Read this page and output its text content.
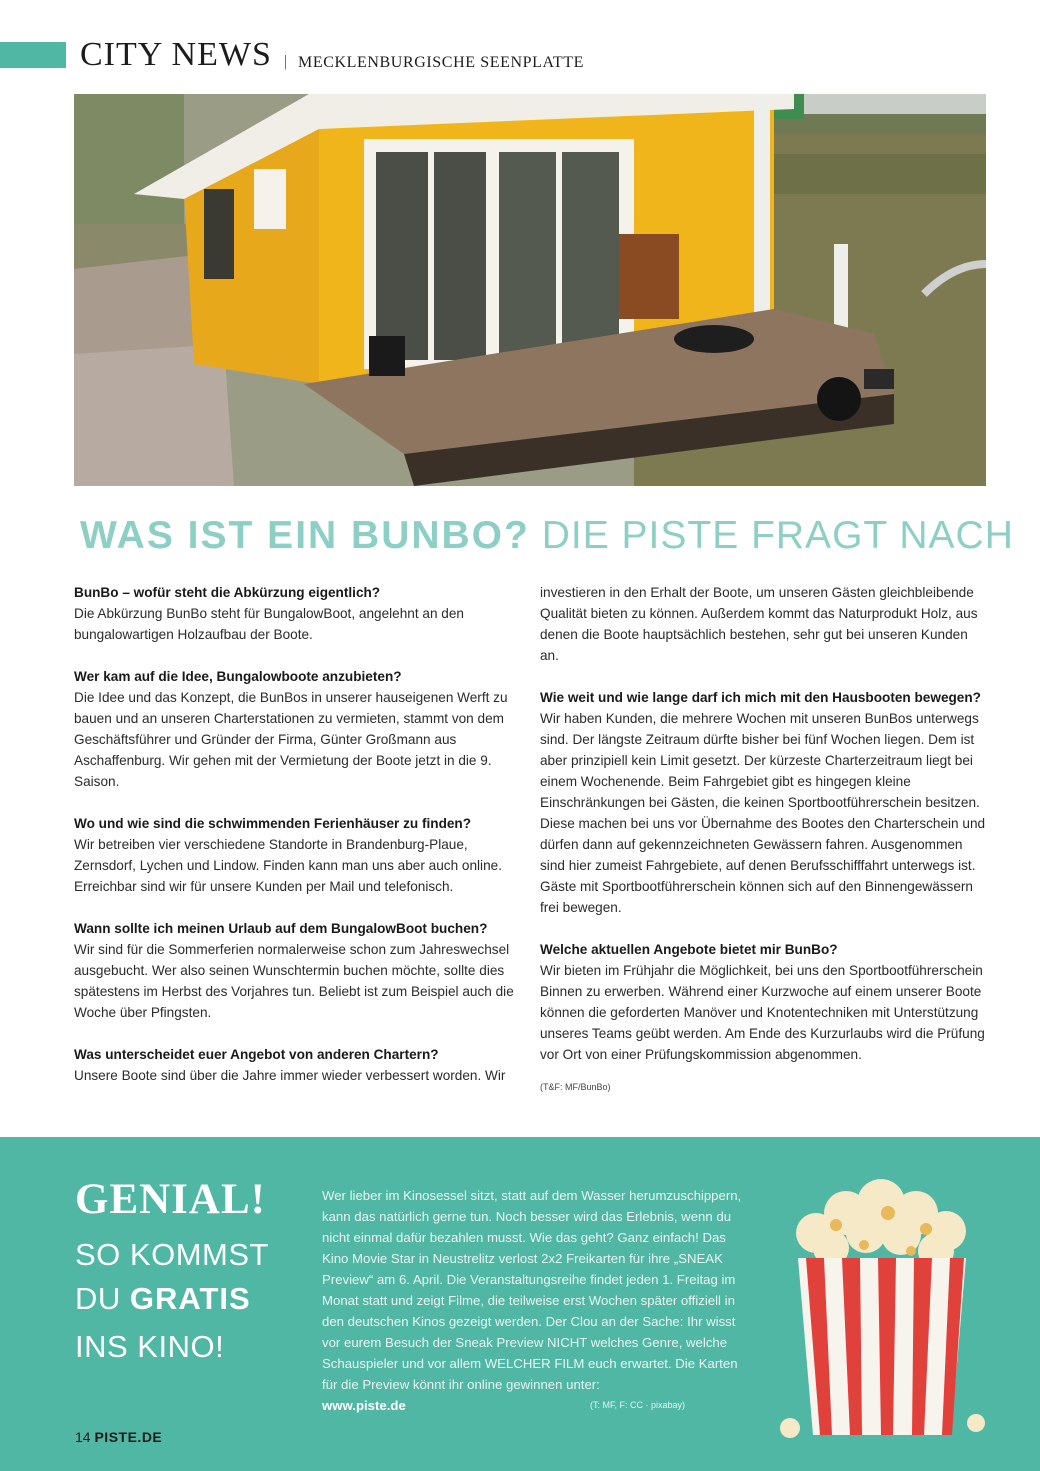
CITY NEWS | MECKLENBURGISCHE SEENPLATTE
WAS IST EIN BUNBO? DIE PISTE FRAGT NACH
BunBo – wofür steht die Abkürzung eigentlich?

Die Abkürzung BunBo steht für BungalowBoot, angelehnt an den bungalowartigen Holzaufbau der Boote.

Wer kam auf die Idee, Bungalowboote anzubieten?

Die Idee und das Konzept, die BunBos in unserer hauseigenen Werft zu bauen und an unseren Charterstationen zu vermieten, stammt von dem Geschäftsführer und Gründer der Firma, Günter Großmann aus Aschaffenburg. Wir gehen mit der Vermietung der Boote jetzt in die 9. Saison.

Wo und wie sind die schwimmenden Ferienhäuser zu finden?

Wir betreiben vier verschiedene Standorte in Brandenburg-Plaue, Zernsdorf, Lychen und Lindow. Finden kann man uns aber auch online. Erreichbar sind wir für unsere Kunden per Mail und telefonisch.

Wann sollte ich meinen Urlaub auf dem BungalowBoot buchen?

Wir sind für die Sommerferien normalerweise schon zum Jahreswechsel ausgebucht. Wer also seinen Wunschtermin buchen möchte, sollte dies spätestens im Herbst des Vorjahres tun. Beliebt ist zum Beispiel auch die Woche über Pfingsten.

Was unterscheidet euer Angebot von anderen Chartern?

Unsere Boote sind über die Jahre immer wieder verbessert worden. Wir

investieren in den Erhalt der Boote, um unseren Gästen gleichbleibende Qualität bieten zu können. Außerdem kommt das Naturprodukt Holz, aus denen die Boote hauptsächlich bestehen, sehr gut bei unseren Kunden an.

Wie weit und wie lange darf ich mich mit den Hausbooten bewegen?

Wir haben Kunden, die mehrere Wochen mit unseren BunBos unterwegs sind. Der längste Zeitraum dürfte bisher bei fünf Wochen liegen. Dem ist aber prinzipiell kein Limit gesetzt. Der kürzeste Charterzeitraum liegt bei einem Wochenende. Beim Fahrgebiet gibt es hingegen kleine Einschränkungen bei Gästen, die keinen Sportbootführerschein besitzen. Diese machen bei uns vor Übernahme des Bootes den Charterschein und dürfen dann auf gekennzeichneten Gewässern fahren. Ausgenommen sind hier zumeist Fahrgebiete, auf denen Berufsschifffahrt unterwegs ist. Gäste mit Sportbootführerschein können sich auf den Binnengewässern frei bewegen.

Welche aktuellen Angebote bietet mir BunBo?

Wir bieten im Frühjahr die Möglichkeit, bei uns den Sportbootführerschein Binnen zu erwerben. Während einer Kurzwoche auf einem unserer Boote können die geforderten Manöver und Knotentechniken mit Unterstützung unseres Teams geübt werden. Am Ende des Kurzurlaubs wird die Prüfung vor Ort von einer Prüfungskommission abgenommen.

(T&F: MF/BunBo)
GENIAL!
SO KOMMST
DU GRATIS
INS KINO!
Wer lieber im Kinosessel sitzt, statt auf dem Wasser herumzuschippern, kann das natürlich gerne tun. Noch besser wird das Erlebnis, wenn du nicht einmal dafür bezahlen musst. Wie das geht? Ganz einfach! Das Kino Movie Star in Neustrelitz verlost 2x2 Freikarten für ihre „SNEAK Preview“ am 6. April. Die Veranstaltungsreihe findet jeden 1. Freitag im Monat statt und zeigt Filme, die teilweise erst Wochen später offiziell in den deutschen Kinos gezeigt werden. Der Clou an der Sache: Ihr wisst vor eurem Besuch der Sneak Preview NICHT welches Genre, welche Schauspieler und vor allem WELCHER FILM euch erwartet. Die Karten für die Preview könnt ihr online gewinnen unter:
www.piste.de	(T: MF, F: CC · pixabay)
14 PISTE.DE
